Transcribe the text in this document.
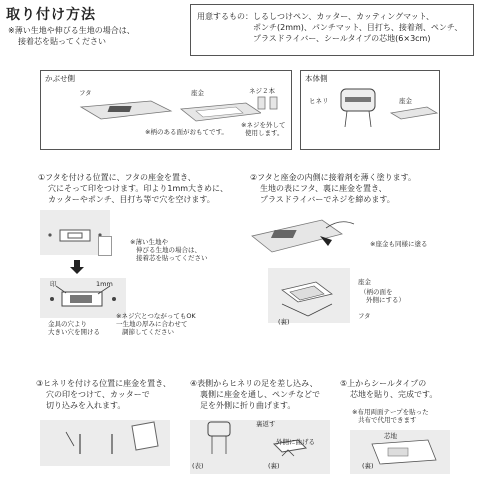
取り付け方法
※薄い生地や伸びる生地の場合は、
接着芯を貼ってください
用意するもの： しるしつけペン、カッター、カッティングマット、
ポンチ(2mm)、パンチマット、目打ち、接着剤、ペンチ、
プラスドライバー、シールタイプの芯地(6×3cm)
かぶせ側
フタ	座金	ネジ２本
※柄のある面がおもてです。
※ネジを外して
使用します。
本体側
ヒネリ	座金
①フタを付ける位置に、フタの座金を置き、
穴にそって印をつけます。印より1mm大きめに、
カッターやポンチ、目打ち等で穴を空けます。
※薄い生地や
伸びる生地の場合は、
接着芯を貼ってください
印	1mm
金具の穴より
大きい穴を開ける
※ネジ穴とつながってもOK
一生地の厚みに合わせて
調節してください
②フタと座金の内側に接着剤を薄く塗ります。
生地の表にフタ、裏に座金を置き、
プラスドライバーでネジを締めます。
※座金も同様に塗る
(裏)
座金
（柄の面を
外側にする）
フタ
③ヒネリを付ける位置に座金を置き、
穴の印をつけて、カッターで
切り込みを入れます。
④表側からヒネリの足を差し込み、
裏側に座金を通し、ペンチなどで
足を外側に折り曲げます。
裏返す
外側に曲げる
(表)	(裏)
⑤上からシールタイプの
芯地を貼り、完成です。
※布用両面テープを貼った
共布で代用できます
芯地
(裏)
